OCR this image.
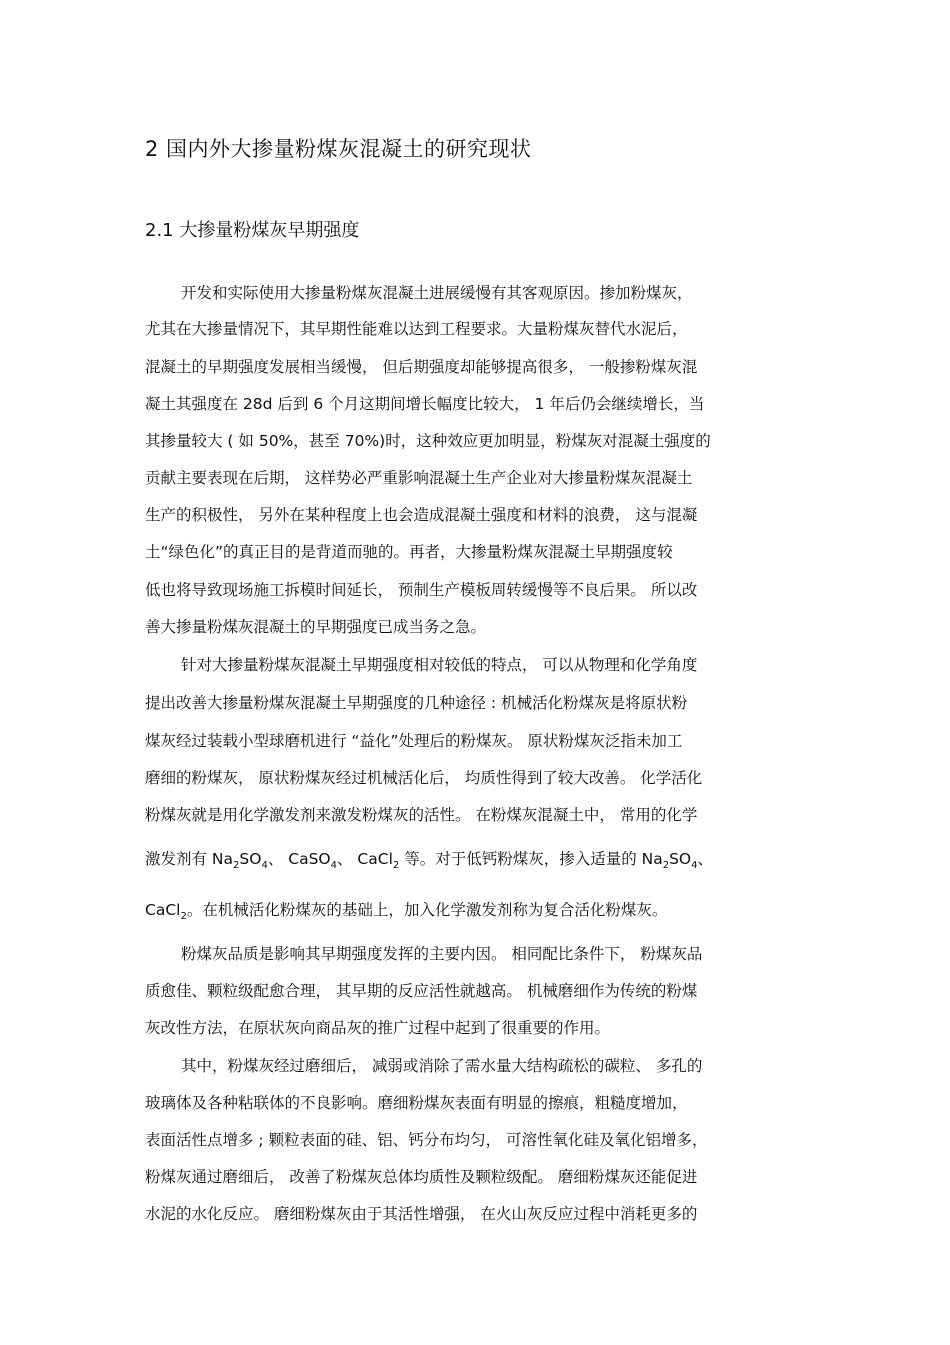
2 国内外大掺量粉煤灰混凝土的研究现状
2.1 大掺量粉煤灰早期强度
开发和实际使用大掺量粉煤灰混凝土进展缓慢有其客观原因。掺加粉煤灰，
尤其在大掺量情况下，其早期性能难以达到工程要求。大量粉煤灰替代水泥后，
混凝土的早期强度发展相当缓慢， 但后期强度却能够提高很多， 一般掺粉煤灰混
凝土其强度在 28d 后到 6 个月这期间增长幅度比较大， 1 年后仍会继续增长，当
其掺量较大 ( 如 50%，甚至 70%)时，这种效应更加明显，粉煤灰对混凝土强度的
贡献主要表现在后期， 这样势必严重影响混凝土生产企业对大掺量粉煤灰混凝土
生产的积极性， 另外在某种程度上也会造成混凝土强度和材料的浪费， 这与混凝
土“绿色化”的真正目的是背道而驰的。再者，大掺量粉煤灰混凝土早期强度较
低也将导致现场施工拆模时间延长， 预制生产模板周转缓慢等不良后果。 所以改
善大掺量粉煤灰混凝土的早期强度已成当务之急。
针对大掺量粉煤灰混凝土早期强度相对较低的特点， 可以从物理和化学角度
提出改善大掺量粉煤灰混凝土早期强度的几种途径 : 机械活化粉煤灰是将原状粉
煤灰经过装载小型球磨机进行 “益化”处理后的粉煤灰。 原状粉煤灰泛指未加工
磨细的粉煤灰， 原状粉煤灰经过机械活化后， 均质性得到了较大改善。 化学活化
粉煤灰就是用化学激发剂来激发粉煤灰的活性。 在粉煤灰混凝土中， 常用的化学
激发剂有 $Na_2SO_4$、 CaSO$_4$、 CaCl$_2$ 等。对于低钙粉煤灰，掺入适量的 $Na_2SO_4$、
CaCl$_2$。在机械活化粉煤灰的基础上，加入化学激发剂称为复合活化粉煤灰。
粉煤灰品质是影响其早期强度发挥的主要内因。 相同配比条件下， 粉煤灰品
质愈佳、颗粒级配愈合理， 其早期的反应活性就越高。 机械磨细作为传统的粉煤
灰改性方法，在原状灰向商品灰的推广过程中起到了很重要的作用。
其中，粉煤灰经过磨细后， 减弱或消除了需水量大结构疏松的碳粒、 多孔的
玻璃体及各种粘联体的不良影响。磨细粉煤灰表面有明显的擦痕，粗糙度增加，
表面活性点增多 ; 颗粒表面的硅、铝、钙分布均匀， 可溶性氧化硅及氧化铝增多，
粉煤灰通过磨细后， 改善了粉煤灰总体均质性及颗粒级配。 磨细粉煤灰还能促进
水泥的水化反应。 磨细粉煤灰由于其活性增强， 在火山灰反应过程中消耗更多的
